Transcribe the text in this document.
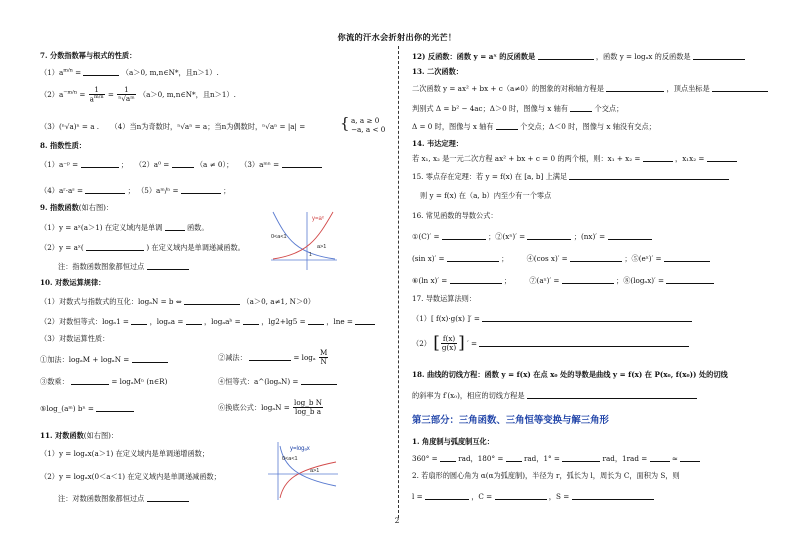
你流的汗水会折射出你的光芒！
7. 分数指数幂与根式的性质：
$(1)a^{m/n}$ =	（a＞0, m,n∈N*，且n＞1）.
$(2)a^{-m/n} = \frac{1}{a^{m/n}} = \frac{1}{\text{ⁿ√aᵐ}} (a>0$, m,n∈N*，且n＞1）.
（3）(ⁿ√a)ⁿ = a . （4）当n为奇数时，ⁿ√aⁿ = a；当n为偶数时，ⁿ√aⁿ = |a| = { a, a ≥ 0
−a, a < 0
8. 指数性质：
（1）a⁻ᵖ =	；   （2）a⁰ =	（a ≠ 0）； （3）aᵐⁿ =
（4）aʳ·aˢ =	； （5）aᵐ/ⁿ =	；
9. 指数函数(如右图)：
（1）y = aˣ(a＞1) 在定义域内是单调	函数。
（2）y = aˣ(	) 在定义域内是单调递减函数。
注：指数函数图象都恒过点
y=aˣ
0<a<1
a>1
1
10. 对数运算规律：
（1）对数式与指数式的互化：logₐN = b ⇔	（a＞0, a≠1, N＞0）
（2）对数恒等式：logₐ1 =	，logₐa =	，logₐaᵇ =	，lg2+lg5 =	，lne =
（3）对数运算性质：
①加法：logₐM + logₐN =	②减法：	= logₐ $\frac{M}{N}$
③数乘：	= logₐMⁿ (n∈R)	④恒等式：a^(logₐN) =
⑤log_(aᵐ) bⁿ =	⑥换底公式：$\log_aN = \frac{\text{log\_b N}}{\text{log\_b a}}$
11. 对数函数(如右图)：
（1）y = logₐx(a＞1) 在定义域内是单调递增函数；
（2）y = logₐx(0＜a＜1) 在定义域内是单调递减函数；
注：对数函数图象都恒过点
y=logₐx
0<a<1
a>1
12) 反函数：函数 y = aˣ 的反函数是	，函数 y = logₐx 的反函数是
13. 二次函数：
二次函数 y = ax² + bx + c（a≠0）的图象的对称轴方程是	，顶点坐标是
判别式 Δ = b² − 4ac；Δ＞0 时，图像与 x 轴有	个交点；
Δ = 0 时，图像与 x 轴有	个交点；Δ＜0 时，图像与 x 轴没有交点；
14. 韦达定理：
若 x₁, x₂ 是一元二次方程 ax² + bx + c = 0 的两个根，则：x₁ + x₂ =	，x₁x₂ =
15. 零点存在定理：若 y = f(x) 在 [a, b] 上满足
则 y = f(x) 在（a, b）内至少有一个零点
16. 常见函数的导数公式：
①(C)′ =	；②(xⁿ)′ =	；(nx)′ =
(sin x)′ =	；	④(cos x)′ =	；⑤(eˣ)′ =
⑥(ln x)′ =	；	⑦(aˣ)′ =	；⑧(logₐx)′ =
17. 导数运算法则：
（1）[ f(x)·g(x) ]′ =
（2） [ $\frac{f(x)}{g(x)}$ ] ′ =
18. 曲线的切线方程：函数 y = f(x) 在点 x₀ 处的导数是曲线 y = f(x) 在 P(x₀, f(x₀)) 处的切线
的斜率为 f′(x₀)，相应的切线方程是
第三部分：三角函数、三角恒等变换与解三角形
1. 角度制与弧度制互化：
360° =	rad，180° =	rad，1° =	rad，1rad =	≈
2. 若扇形的圆心角为 α(α为弧度制)，半径为 r，弧长为 l，周长为 C，面积为 S，则
l =	，C =	，S =
2
